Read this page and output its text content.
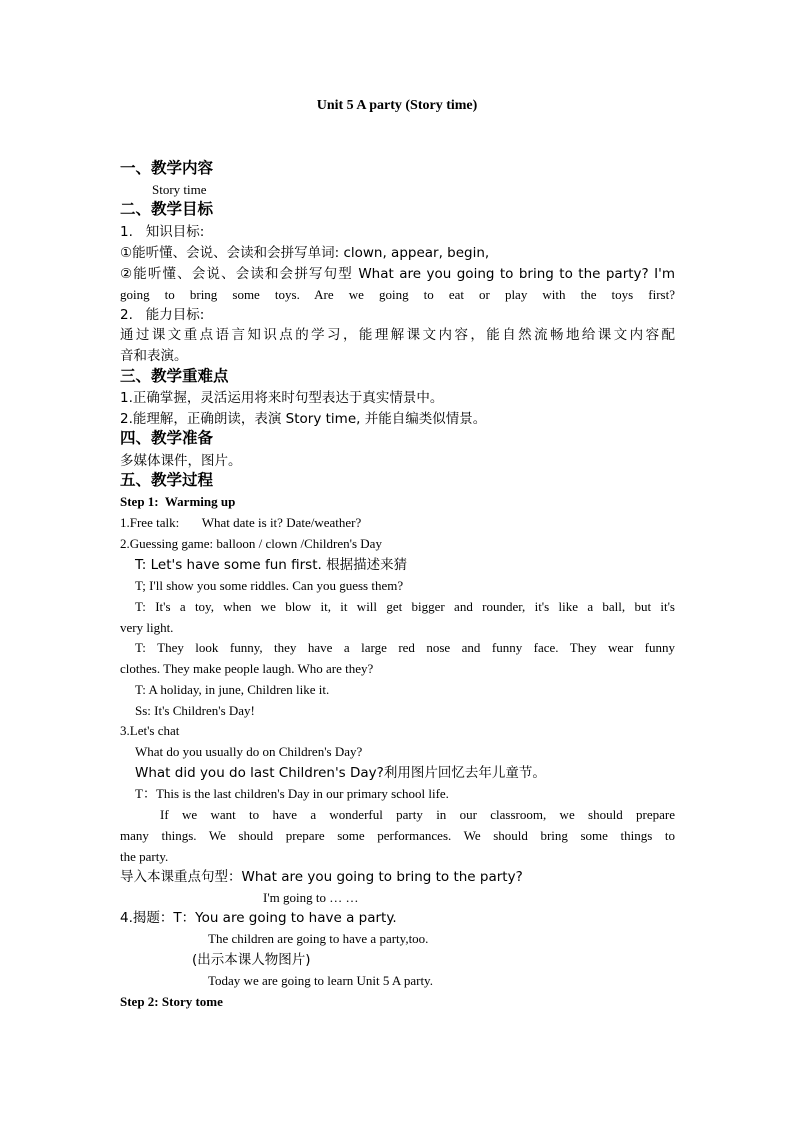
Unit 5 A party (Story time)
一、教学内容
Story time
二、教学目标
1.   知识目标:
①能听懂、会说、会读和会拼写单词: clown, appear, begin,
②能听懂、会说、会读和会拼写句型 What are you going to bring to the party? I'm
going to bring some toys. Are we going to eat or play with the toys first?
2.   能力目标:
通过课文重点语言知识点的学习，能理解课文内容，能自然流畅地给课文内容配
音和表演。
三、教学重难点
1.正确掌握，灵活运用将来时句型表达于真实情景中。
2.能理解，正确朗读，表演 Story time, 并能自编类似情景。
四、教学准备
多媒体课件，图片。
五、教学过程
Step 1:  Warming up
1.Free talk:       What date is it? Date/weather?
2.Guessing game: balloon / clown /Children's Day
T: Let's have some fun first. 根据描述来猜
T; I'll show you some riddles. Can you guess them?
T: It's a toy, when we blow it, it will get bigger and rounder, it's like a ball, but it's
very light.
T: They look funny, they have a large red nose and funny face. They wear funny
clothes. They make people laugh. Who are they?
T: A holiday, in june, Children like it.
Ss: It's Children's Day!
3.Let's chat
What do you usually do on Children's Day?
What did you do last Children's Day?利用图片回忆去年儿童节。
T：This is the last children's Day in our primary school life.
If we want to have a wonderful party in our classroom, we should prepare
many things. We should prepare some performances. We should bring some things to
the party.
导入本课重点句型：What are you going to bring to the party?
I'm going to … …
4.揭题：T：You are going to have a party.
The children are going to have a party,too.
(出示本课人物图片)
Today we are going to learn Unit 5 A party.
Step 2: Story tome
